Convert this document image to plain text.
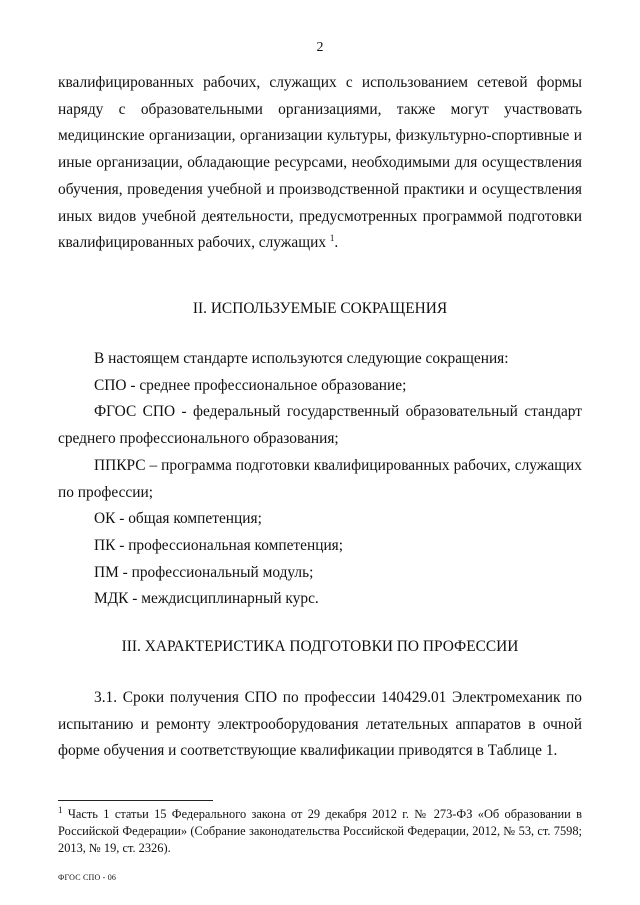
2

квалифицированных рабочих, служащих с использованием сетевой формы наряду с образовательными организациями, также могут участвовать медицинские организации, организации культуры, физкультурно-спортивные и иные организации, обладающие ресурсами, необходимыми для осуществления обучения, проведения учебной и производственной практики и осуществления иных видов учебной деятельности, предусмотренных программой подготовки квалифицированных рабочих, служащих $^1$.

II. ИСПОЛЬЗУЕМЫЕ СОКРАЩЕНИЯ

В настоящем стандарте используются следующие сокращения:

СПО - среднее профессиональное образование;

ФГОС СПО - федеральный государственный образовательный стандарт среднего профессионального образования;

ППКРС – программа подготовки квалифицированных рабочих, служащих по профессии;

ОК - общая компетенция;

ПК - профессиональная компетенция;

ПМ - профессиональный модуль;

МДК - междисциплинарный курс.

III. ХАРАКТЕРИСТИКА ПОДГОТОВКИ ПО ПРОФЕССИИ

3.1. Сроки получения СПО по профессии 140429.01 Электромеханик по испытанию и ремонту электрооборудования летательных аппаратов в очной форме обучения и соответствующие квалификации приводятся в Таблице 1.

$^1$ Часть 1 статьи 15 Федерального закона от 29 декабря 2012 г. № 273-ФЗ «Об образовании в Российской Федерации» (Собрание законодательства Российской Федерации, 2012, № 53, ст. 7598; 2013, № 19, ст. 2326).
ФГОС СПО - 06
